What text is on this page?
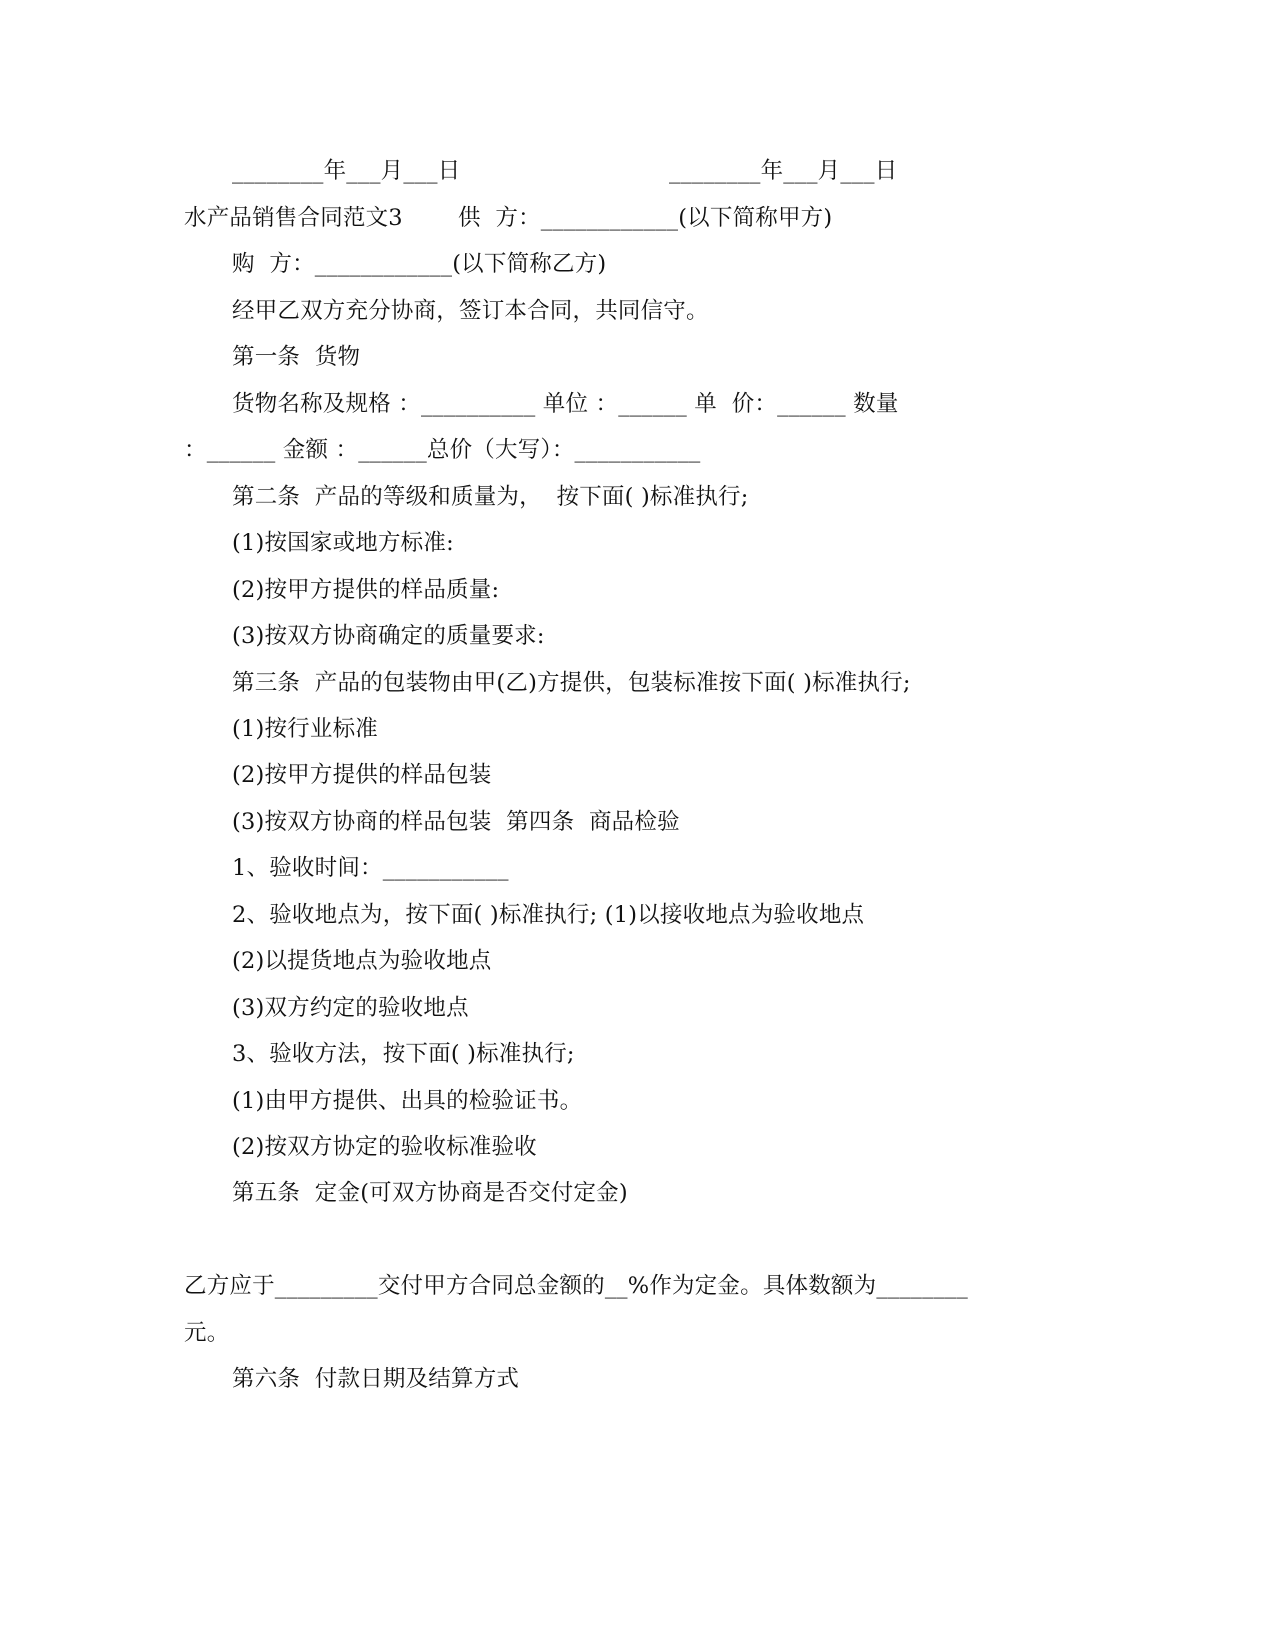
________年___月___日	________年___月___日
水产品销售合同范文3 供  方：____________(以下简称甲方)
购  方：____________(以下简称乙方)
经甲乙双方充分协商，签订本合同，共同信守。
第一条  货物
货物名称及规格 ：__________ 单位 ：______ 单  价：______ 数量
：______ 金额 ：______总价（大写）：___________
第二条  产品的等级和质量为，  按下面( )标准执行;
(1)按国家或地方标准:
(2)按甲方提供的样品质量:
(3)按双方协商确定的质量要求:
第三条  产品的包装物由甲(乙)方提供，包装标准按下面( )标准执行;
(1)按行业标准
(2)按甲方提供的样品包装
(3)按双方协商的样品包装  第四条  商品检验
1、验收时间：___________
2、验收地点为，按下面( )标准执行; (1)以接收地点为验收地点
(2)以提货地点为验收地点
(3)双方约定的验收地点
3、验收方法，按下面( )标准执行;
(1)由甲方提供、出具的检验证书。
(2)按双方协定的验收标准验收
第五条  定金(可双方协商是否交付定金)
乙方应于_________交付甲方合同总金额的__%作为定金。具体数额为________
元。
第六条  付款日期及结算方式
